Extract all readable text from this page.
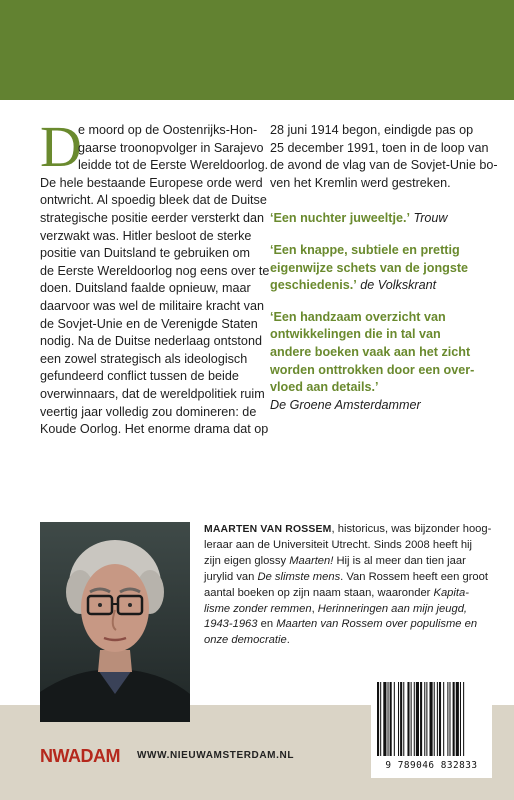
D
e moord op de Oostenrijks-Hon-
gaarse troonopvolger in Sarajevo
leidde tot de Eerste Wereldoorlog.
De hele bestaande Europese orde werd
ontwricht. Al spoedig bleek dat de Duitse
strategische positie eerder versterkt dan
verzwakt was. Hitler besloot de sterke
positie van Duitsland te gebruiken om
de Eerste Wereldoorlog nog eens over te
doen. Duitsland faalde opnieuw, maar
daarvoor was wel de militaire kracht van
de Sovjet-Unie en de Verenigde Staten
nodig. Na de Duitse nederlaag ontstond
een zowel strategisch als ideologisch
gefundeerd conflict tussen de beide
overwinnaars, dat de wereldpolitiek ruim
veertig jaar volledig zou domineren: de
Koude Oorlog. Het enorme drama dat op
28 juni 1914 begon, eindigde pas op
25 december 1991, toen in de loop van
de avond de vlag van de Sovjet-Unie bo-
ven het Kremlin werd gestreken.
‘Een nuchter juweeltje.’ Trouw
‘Een knappe, subtiele en prettig
eigenwijze schets van de jongste
geschiedenis.’ de Volkskrant
‘Een handzaam overzicht van
ontwikkelingen die in tal van
andere boeken vaak aan het zicht
worden onttrokken door een over-
vloed aan details.’
De Groene Amsterdammer
MAARTEN VAN ROSSEM, historicus, was bijzonder hoog-
leraar aan de Universiteit Utrecht. Sinds 2008 heeft hij
zijn eigen glossy Maarten! Hij is al meer dan tien jaar
jurylid van De slimste mens. Van Rossem heeft een groot
aantal boeken op zijn naam staan, waaronder Kapita-
lisme zonder remmen, Herinneringen aan mijn jeugd,
1943-1963 en Maarten van Rossem over populisme en
onze democratie.
9 789046 832833
NWADAM WWW.NIEUWAMSTERDAM.NL
